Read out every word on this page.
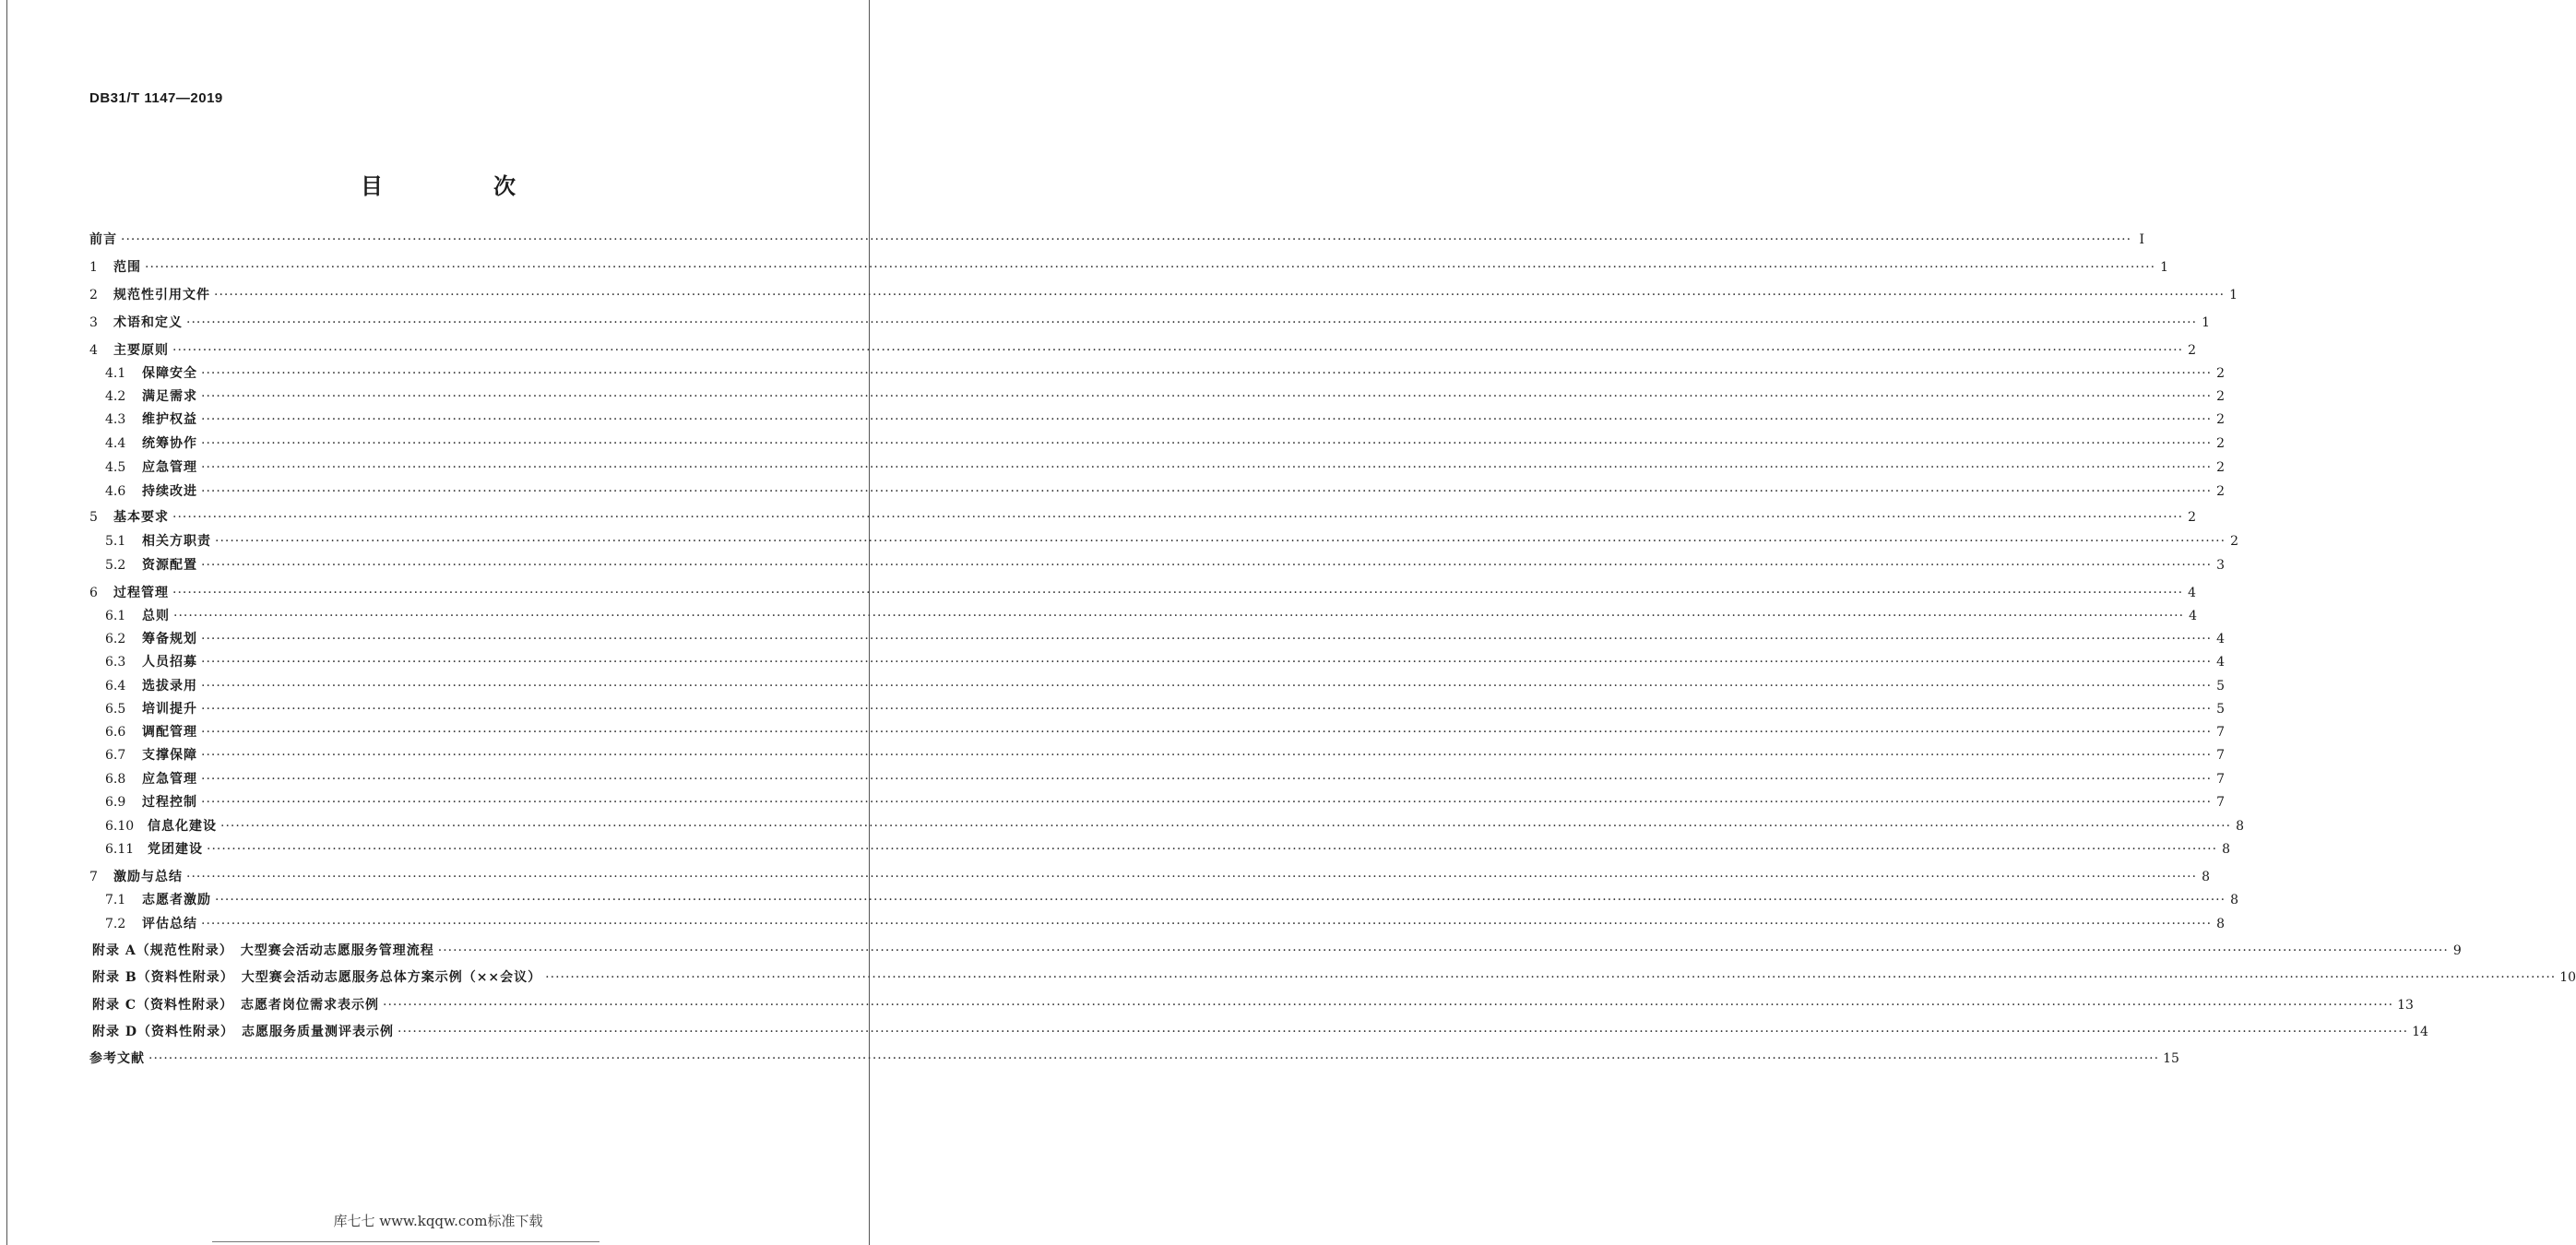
DB31/T 1147—2019
目　次
前言 ················································································································································································································································································································································································································ Ⅰ
1	范围 ················································································································································································································································································································································································································ 1
2	规范性引用文件 ················································································································································································································································································································································································································ 1
3	术语和定义 ················································································································································································································································································································································································································ 1
4	主要原则 ················································································································································································································································································································································································································ 2
4.1	保障安全 ················································································································································································································································································································································································································ 2
4.2	满足需求 ················································································································································································································································································································································································································ 2
4.3	维护权益 ················································································································································································································································································································································································································ 2
4.4	统筹协作 ················································································································································································································································································································································································································ 2
4.5	应急管理 ················································································································································································································································································································································································································ 2
4.6	持续改进 ················································································································································································································································································································································································································ 2
5	基本要求 ················································································································································································································································································································································································································ 2
5.1	相关方职责 ················································································································································································································································································································································································································ 2
5.2	资源配置 ················································································································································································································································································································································································································ 3
6	过程管理 ················································································································································································································································································································································································································ 4
6.1	总则 ················································································································································································································································································································································································································ 4
6.2	筹备规划 ················································································································································································································································································································································································································ 4
6.3	人员招募 ················································································································································································································································································································································································································ 4
6.4	选拔录用 ················································································································································································································································································································································································································ 5
6.5	培训提升 ················································································································································································································································································································································································································ 5
6.6	调配管理 ················································································································································································································································································································································································································ 7
6.7	支撑保障 ················································································································································································································································································································································································································ 7
6.8	应急管理 ················································································································································································································································································································································································································ 7
6.9	过程控制 ················································································································································································································································································································································································································ 7
6.10	信息化建设 ················································································································································································································································································································································································································ 8
6.11	党团建设 ················································································································································································································································································································································································································ 8
7	激励与总结 ················································································································································································································································································································································································································ 8
7.1	志愿者激励 ················································································································································································································································································································································································································ 8
7.2	评估总结 ················································································································································································································································································································································································································ 8
附录 A（规范性附录）　大型赛会活动志愿服务管理流程 ················································································································································································································································································································································································································ 9
附录 B（资料性附录）　大型赛会活动志愿服务总体方案示例（××会议） ················································································································································································································································································································································································································ 10
附录 C（资料性附录）　志愿者岗位需求表示例 ················································································································································································································································································································································································································ 13
附录 D（资料性附录）　志愿服务质量测评表示例 ················································································································································································································································································································································································································ 14
参考文献 ················································································································································································································································································································································································································ 15
库七七 www.kqqw.com标准下载
